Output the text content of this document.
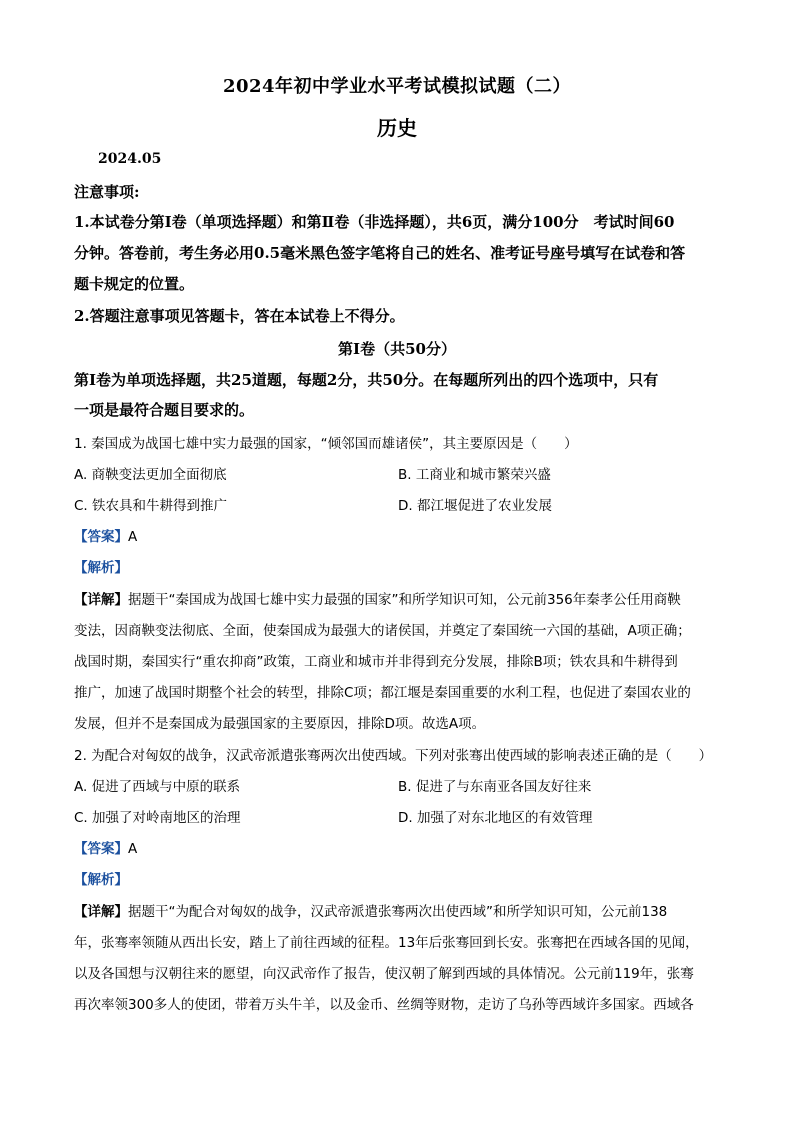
2024年初中学业水平考试模拟试题（二）
历史
2024.05
注意事项:
1.本试卷分第Ⅰ卷（单项选择题）和第Ⅱ卷（非选择题），共6页，满分100分　考试时间60
分钟。答卷前，考生务必用0.5毫米黑色签字笔将自己的姓名、准考证号座号填写在试卷和答
题卡规定的位置。
2.答题注意事项见答题卡，答在本试卷上不得分。
第Ⅰ卷（共50分）
第Ⅰ卷为单项选择题，共25道题，每题2分，共50分。在每题所列出的四个选项中，只有
一项是最符合题目要求的。
1. 秦国成为战国七雄中实力最强的国家，“倾邻国而雄诸侯”，其主要原因是（　　）
A. 商鞅变法更加全面彻底	B. 工商业和城市繁荣兴盛
C. 铁农具和牛耕得到推广	D. 都江堰促进了农业发展
【答案】A
【解析】
【详解】据题干“秦国成为战国七雄中实力最强的国家”和所学知识可知，公元前356年秦孝公任用商鞅
变法，因商鞅变法彻底、全面，使秦国成为最强大的诸侯国，并奠定了秦国统一六国的基础，A项正确；
战国时期，秦国实行“重农抑商”政策，工商业和城市并非得到充分发展，排除B项；铁农具和牛耕得到
推广，加速了战国时期整个社会的转型，排除C项；都江堰是秦国重要的水利工程，也促进了秦国农业的
发展，但并不是秦国成为最强国家的主要原因，排除D项。故选A项。
2. 为配合对匈奴的战争，汉武帝派遣张骞两次出使西域。下列对张骞出使西域的影响表述正确的是（　　）
A. 促进了西域与中原的联系	B. 促进了与东南亚各国友好往来
C. 加强了对岭南地区的治理	D. 加强了对东北地区的有效管理
【答案】A
【解析】
【详解】据题干“为配合对匈奴的战争，汉武帝派遣张骞两次出使西域”和所学知识可知，公元前138
年，张骞率领随从西出长安，踏上了前往西域的征程。13年后张骞回到长安。张骞把在西域各国的见闻，
以及各国想与汉朝往来的愿望，向汉武帝作了报告，使汉朝了解到西域的具体情况。公元前119年，张骞
再次率领300多人的使团，带着万头牛羊，以及金币、丝绸等财物，走访了乌孙等西域许多国家。西域各
